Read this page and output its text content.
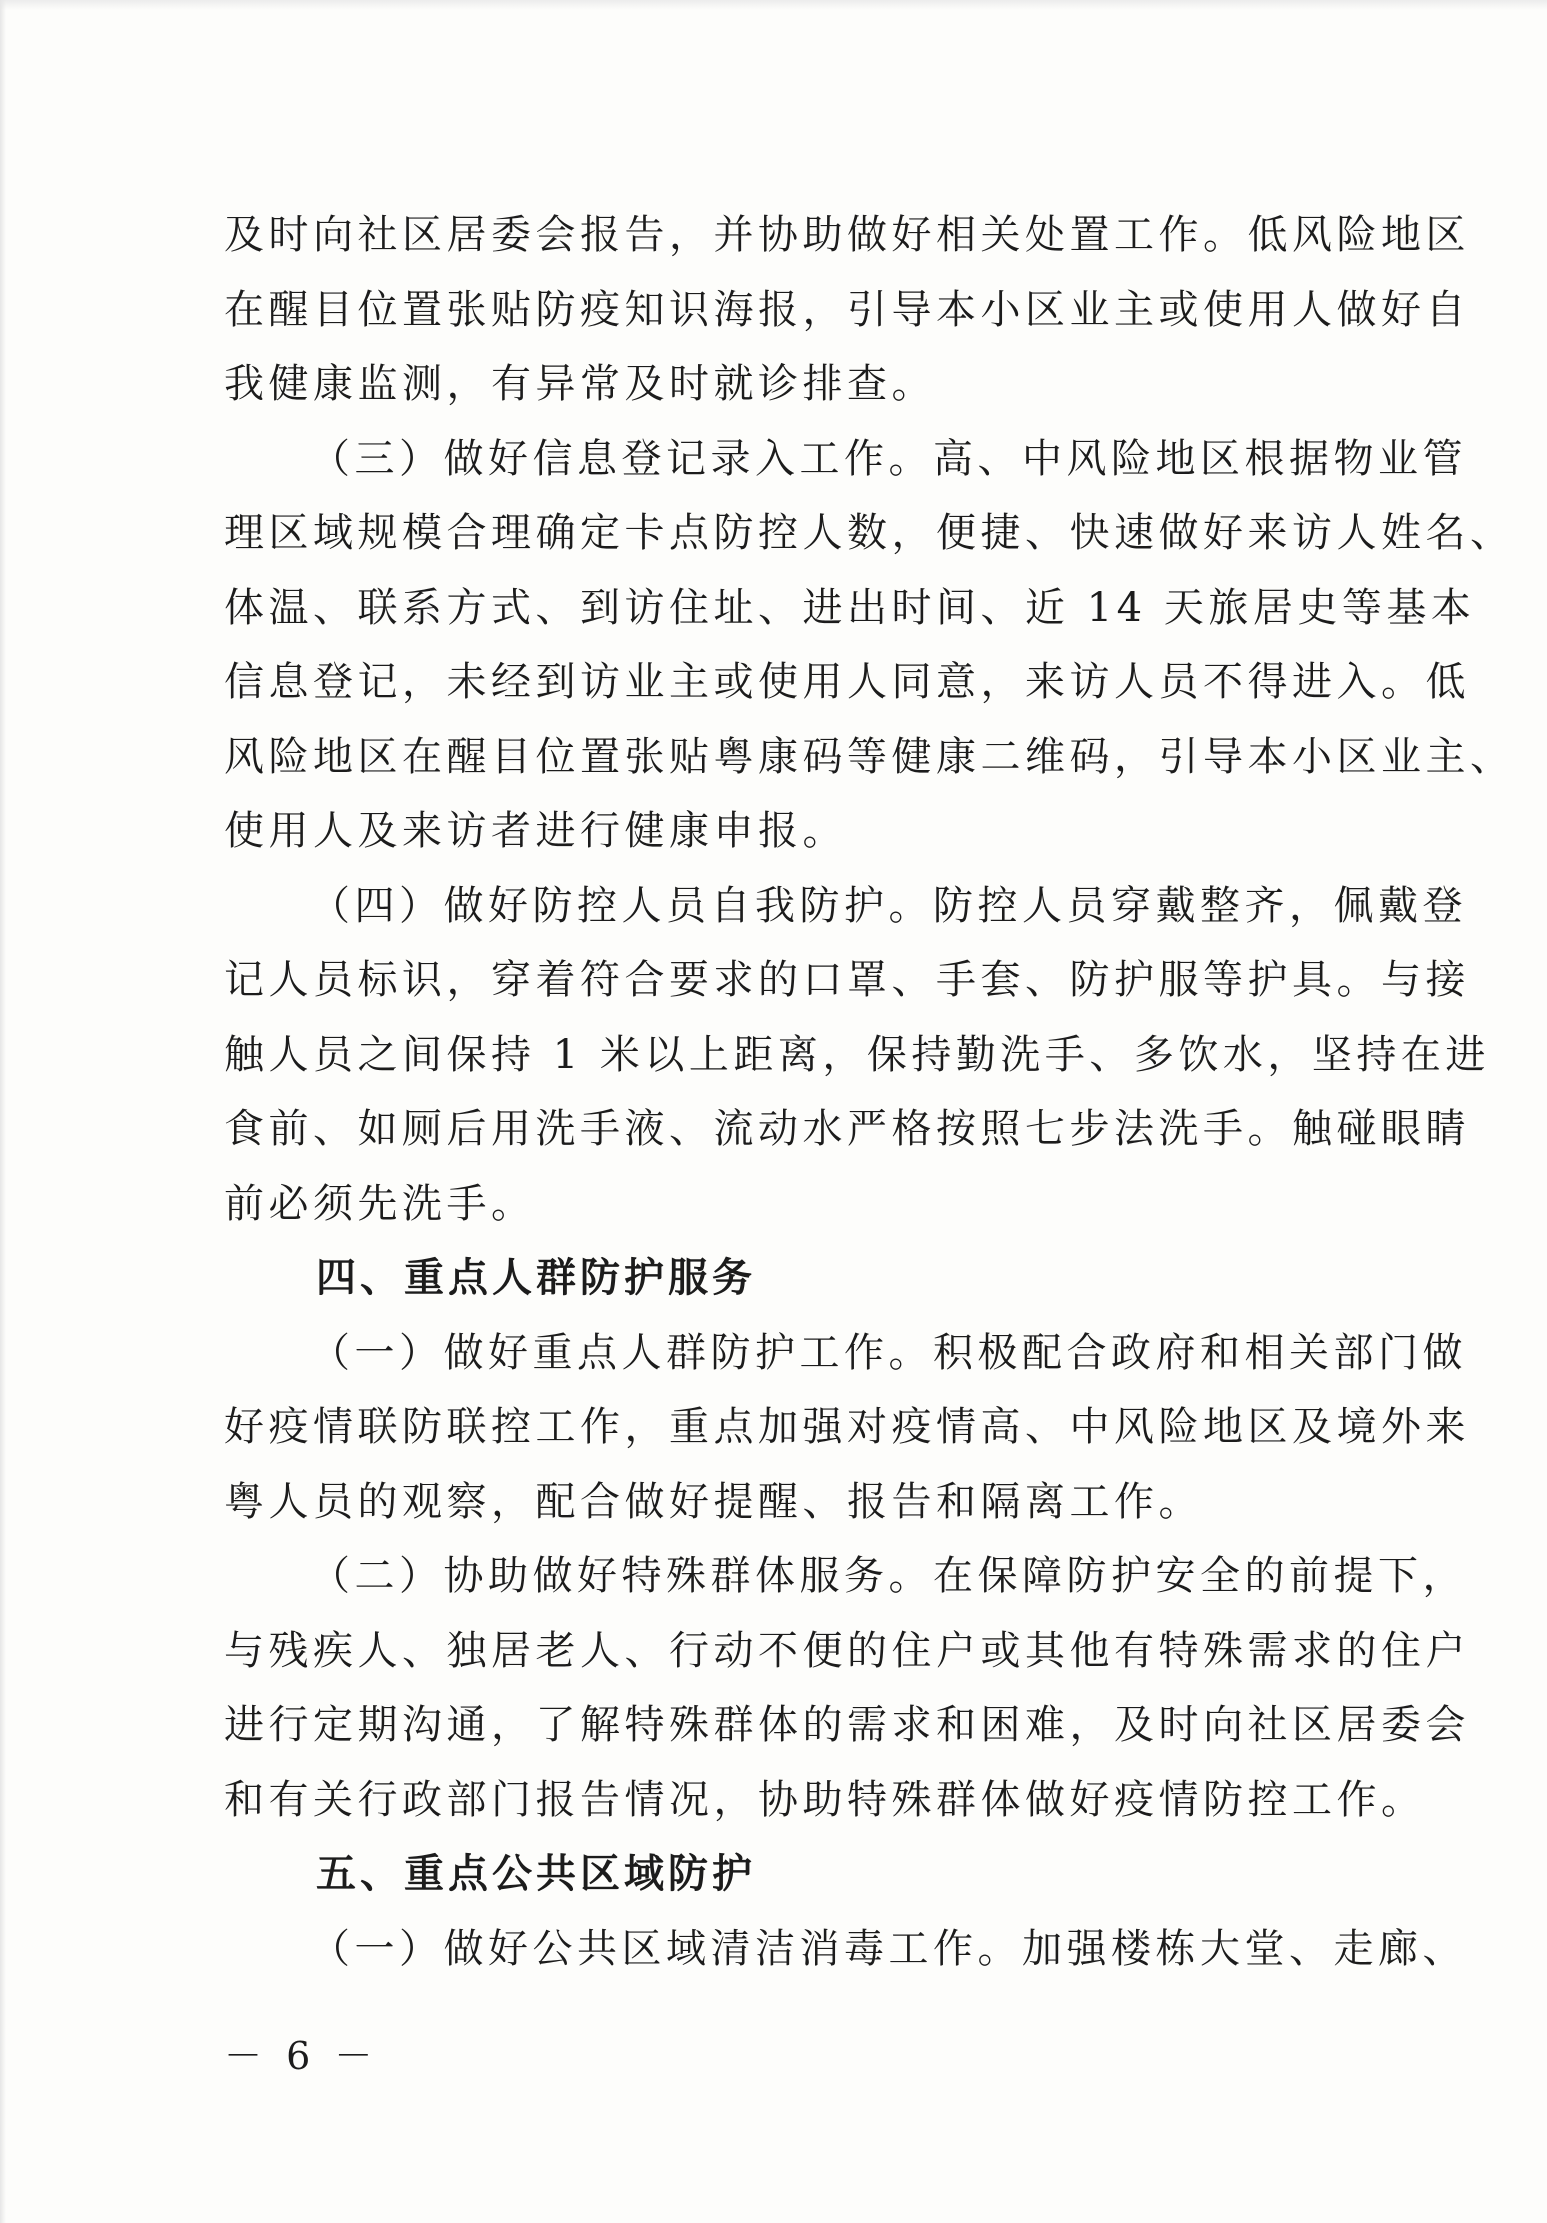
及时向社区居委会报告，并协助做好相关处置工作。低风险地区
在醒目位置张贴防疫知识海报，引导本小区业主或使用人做好自
我健康监测，有异常及时就诊排查。
（三）做好信息登记录入工作。高、中风险地区根据物业管
理区域规模合理确定卡点防控人数，便捷、快速做好来访人姓名、
体温、联系方式、到访住址、进出时间、近 14 天旅居史等基本
信息登记，未经到访业主或使用人同意，来访人员不得进入。低
风险地区在醒目位置张贴粤康码等健康二维码，引导本小区业主、
使用人及来访者进行健康申报。
（四）做好防控人员自我防护。防控人员穿戴整齐，佩戴登
记人员标识，穿着符合要求的口罩、手套、防护服等护具。与接
触人员之间保持 1 米以上距离，保持勤洗手、多饮水，坚持在进
食前、如厕后用洗手液、流动水严格按照七步法洗手。触碰眼睛
前必须先洗手。
四、重点人群防护服务
（一）做好重点人群防护工作。积极配合政府和相关部门做
好疫情联防联控工作，重点加强对疫情高、中风险地区及境外来
粤人员的观察，配合做好提醒、报告和隔离工作。
（二）协助做好特殊群体服务。在保障防护安全的前提下，
与残疾人、独居老人、行动不便的住户或其他有特殊需求的住户
进行定期沟通，了解特殊群体的需求和困难，及时向社区居委会
和有关行政部门报告情况，协助特殊群体做好疫情防控工作。
五、重点公共区域防护
（一）做好公共区域清洁消毒工作。加强楼栋大堂、走廊、
－ 6 －
